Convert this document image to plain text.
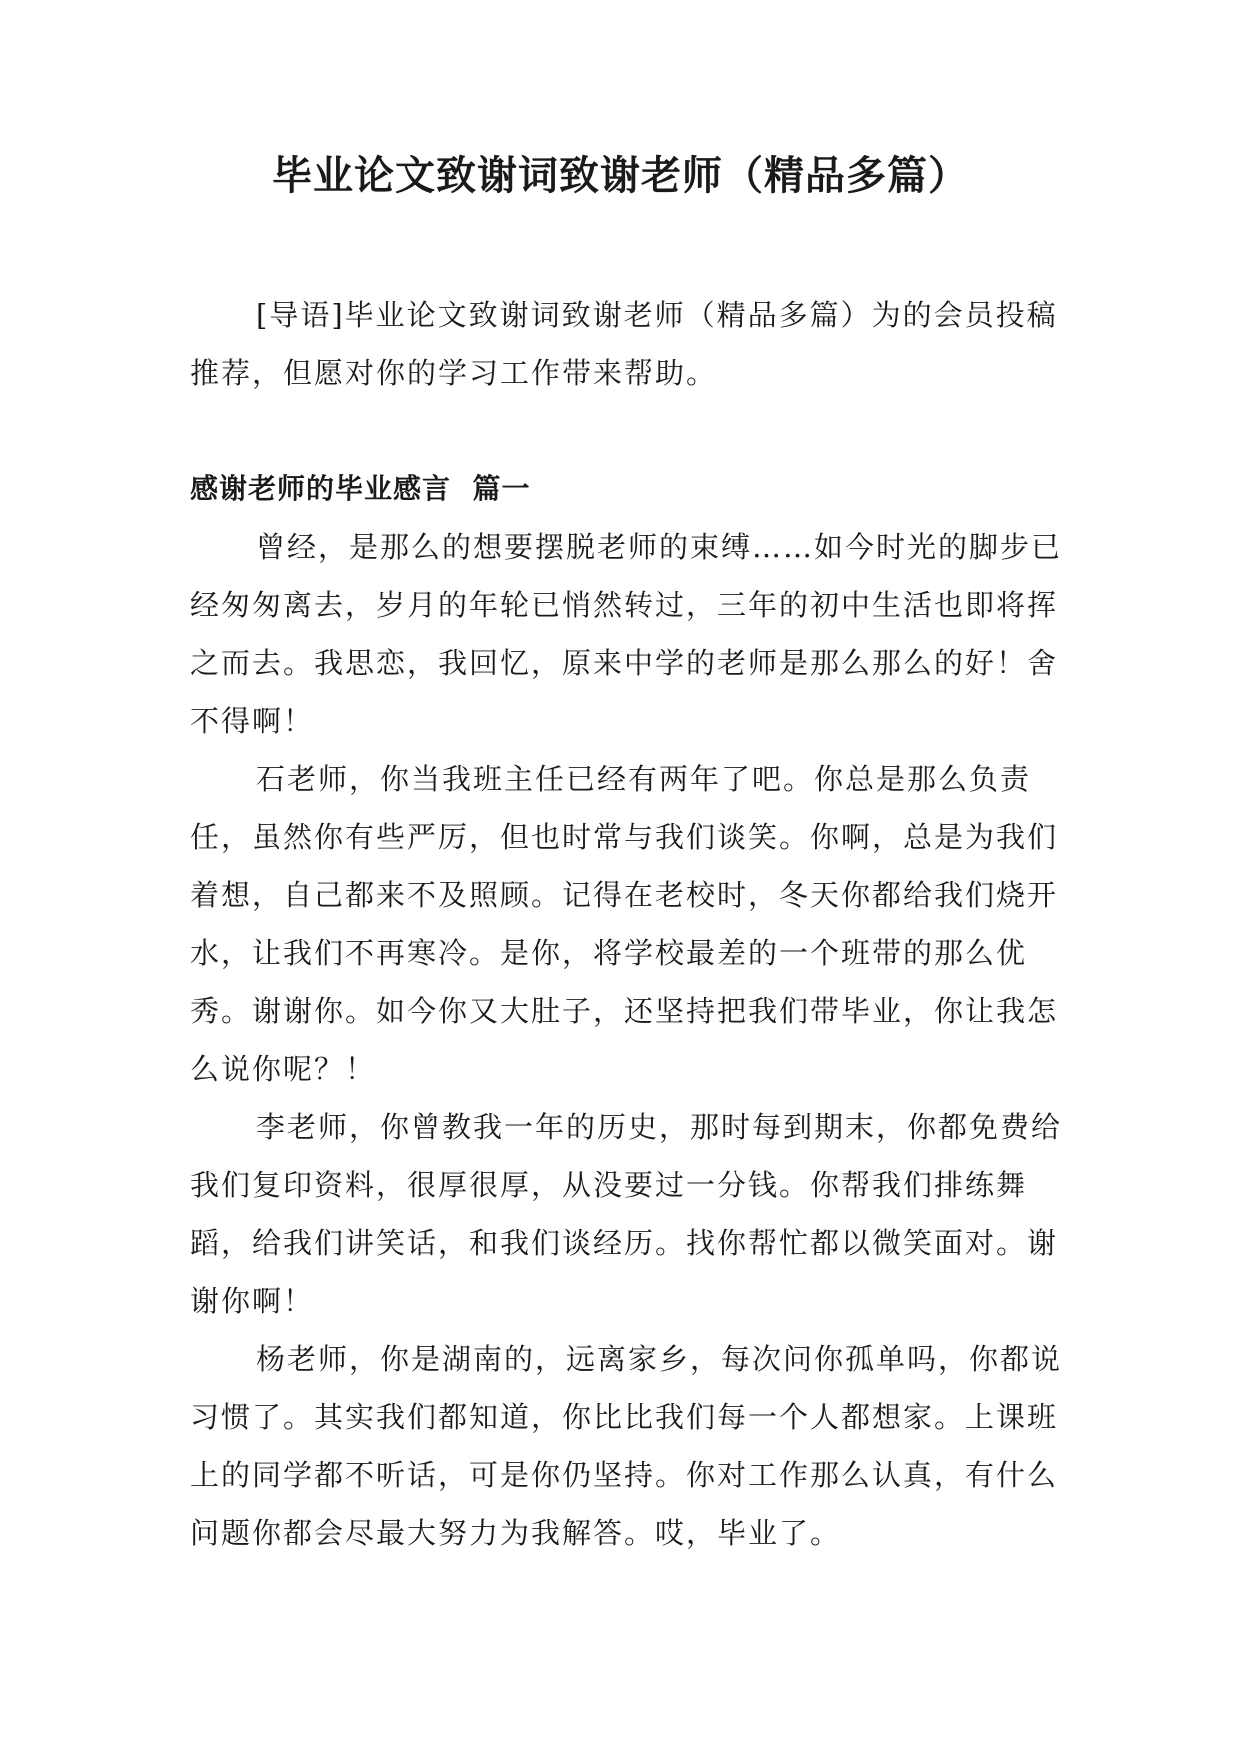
毕业论文致谢词致谢老师（精品多篇）

[导语]毕业论文致谢词致谢老师（精品多篇）为的会员投稿推荐，但愿对你的学习工作带来帮助。

感谢老师的毕业感言  篇一

曾经，是那么的想要摆脱老师的束缚……如今时光的脚步已经匆匆离去，岁月的年轮已悄然转过，三年的初中生活也即将挥之而去。我思恋，我回忆，原来中学的老师是那么那么的好！舍不得啊！

石老师，你当我班主任已经有两年了吧。你总是那么负责任，虽然你有些严厉，但也时常与我们谈笑。你啊，总是为我们着想，自己都来不及照顾。记得在老校时，冬天你都给我们烧开水，让我们不再寒冷。是你，将学校最差的一个班带的那么优秀。谢谢你。如今你又大肚子，还坚持把我们带毕业，你让我怎么说你呢？！

李老师，你曾教我一年的历史，那时每到期末，你都免费给我们复印资料，很厚很厚，从没要过一分钱。你帮我们排练舞蹈，给我们讲笑话，和我们谈经历。找你帮忙都以微笑面对。谢谢你啊！

杨老师，你是湖南的，远离家乡，每次问你孤单吗，你都说习惯了。其实我们都知道，你比比我们每一个人都想家。上课班上的同学都不听话，可是你仍坚持。你对工作那么认真，有什么问题你都会尽最大努力为我解答。哎，毕业了。
